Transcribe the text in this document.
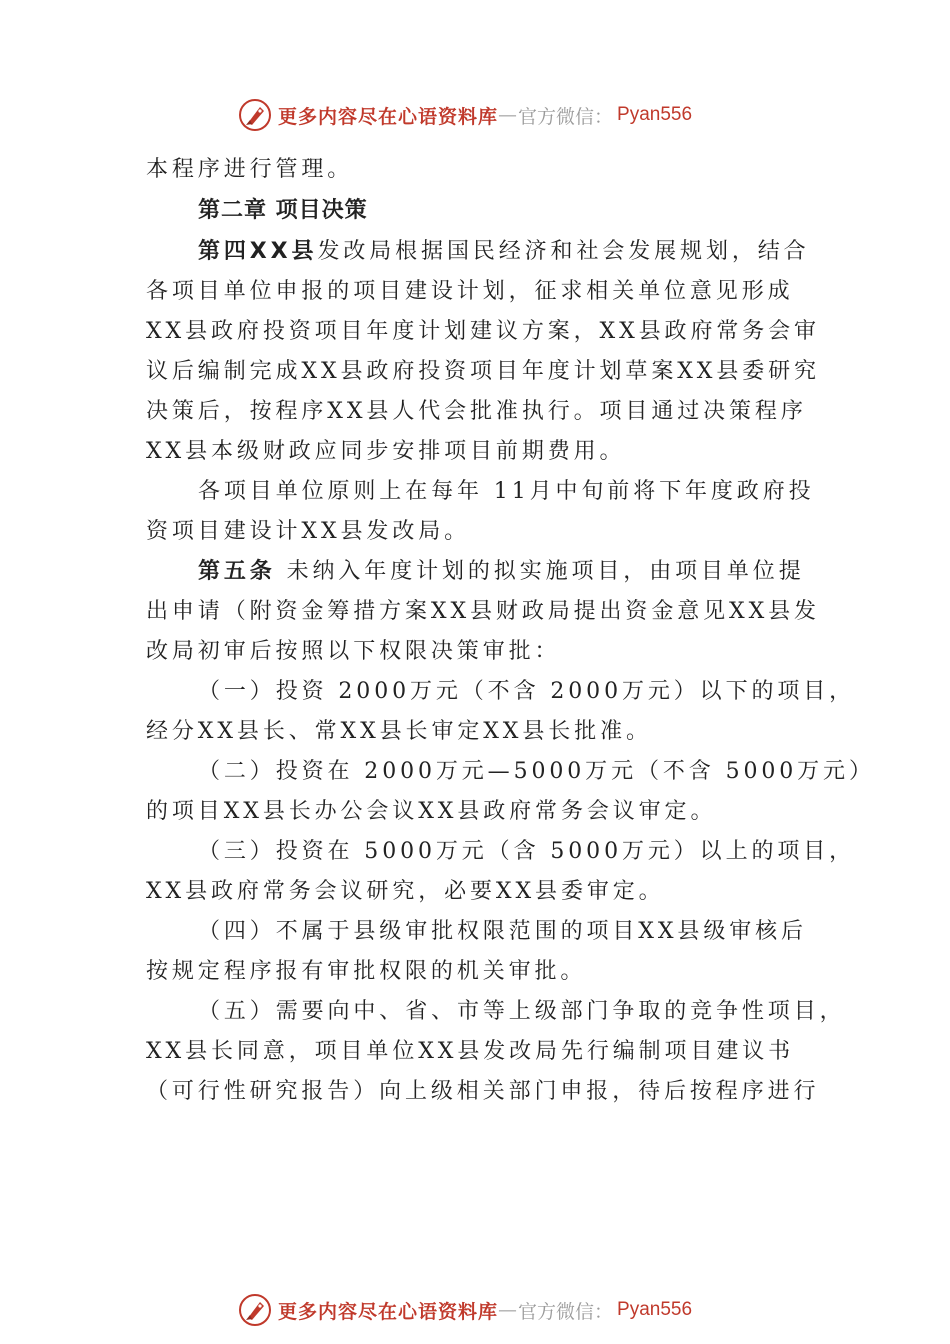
更多内容尽在心语资料库 — 官方微信： Pyan556
本程序进行管理。
第二章 项目决策
第四XX县发改局根据国民经济和社会发展规划，结合
各项目单位申报的项目建设计划，征求相关单位意见形成
XX县政府投资项目年度计划建议方案，XX县政府常务会审
议后编制完成XX县政府投资项目年度计划草案XX县委研究
决策后，按程序XX县人代会批准执行。项目通过决策程序
XX县本级财政应同步安排项目前期费用。
各项目单位原则上在每年 11月中旬前将下年度政府投
资项目建设计XX县发改局。
第五条 未纳入年度计划的拟实施项目，由项目单位提
出申请（附资金筹措方案XX县财政局提出资金意见XX县发
改局初审后按照以下权限决策审批：
（一）投资 2000万元（不含 2000万元）以下的项目，
经分XX县长、常XX县长审定XX县长批准。
（二）投资在 2000万元—5000万元（不含 5000万元）
的项目XX县长办公会议XX县政府常务会议审定。
（三）投资在 5000万元（含 5000万元）以上的项目，
XX县政府常务会议研究，必要XX县委审定。
（四）不属于县级审批权限范围的项目XX县级审核后
按规定程序报有审批权限的机关审批。
（五）需要向中、省、市等上级部门争取的竞争性项目，
XX县长同意，项目单位XX县发改局先行编制项目建议书
（可行性研究报告）向上级相关部门申报，待后按程序进行
更多内容尽在心语资料库 — 官方微信： Pyan556
